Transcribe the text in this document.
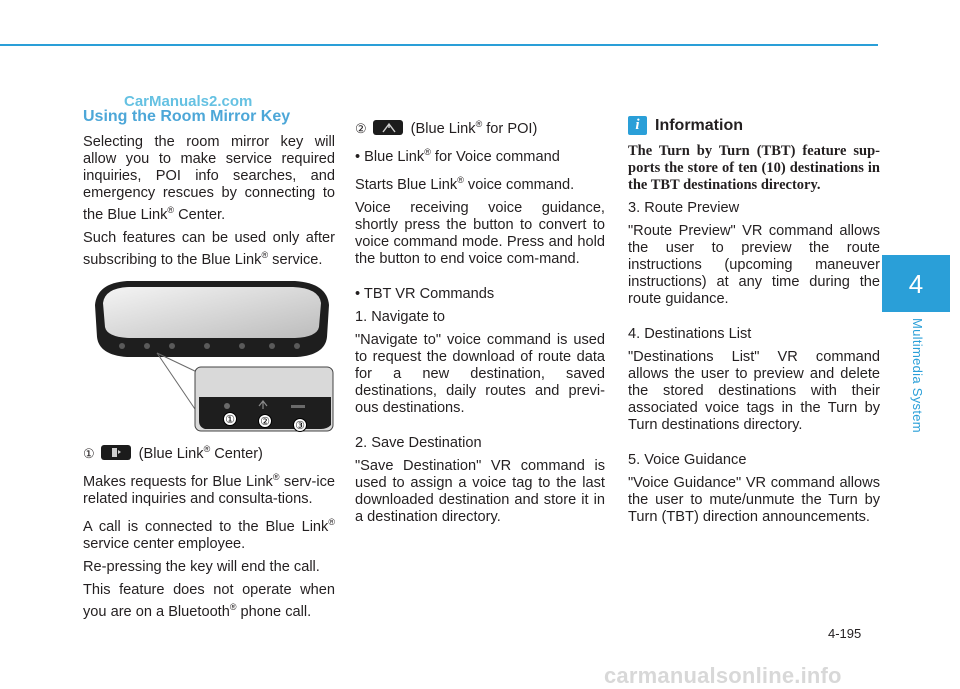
CarManuals2.com
Using the Room Mirror Key

Selecting the room mirror key will allow you to make service required inquiries, POI info searches, and emergency rescues by connecting to the Blue Link® Center.

Such features can be used only after subscribing to the Blue Link® service.

① ② ③

①	(Blue Link® Center)

Makes requests for Blue Link® serv-ice related inquiries and consulta-tions.

A call is connected to the Blue Link® service center employee.

Re-pressing the key will end the call.

This feature does not operate when you are on a Bluetooth® phone call.

②	(Blue Link® for POI)

• Blue Link® for Voice command

Starts Blue Link® voice command.

Voice receiving voice guidance, shortly press the button to convert to voice command mode. Press and hold the button to end voice com-mand.

• TBT VR Commands

1. Navigate to

"Navigate to" voice command is used to request the download of route data for a new destination, saved destinations, daily routes and previ-ous destinations.

2. Save Destination

"Save Destination" VR command is used to assign a voice tag to the last downloaded destination and store it in a destination directory.

i Information

The Turn by Turn (TBT) feature sup-ports the store of ten (10) destinations in the TBT destinations directory.

3. Route Preview

"Route Preview" VR command allows the user to preview the route instructions (upcoming maneuver instructions) at any time during the route guidance.

4. Destinations List

"Destinations List" VR command allows the user to preview and delete the stored destinations with their associated voice tags in the Turn by Turn destinations directory.

5. Voice Guidance

"Voice Guidance" VR command allows the user to mute/unmute the Turn by Turn (TBT) direction announcements.

4
Multimedia System
4-195
carmanualsonline.info
